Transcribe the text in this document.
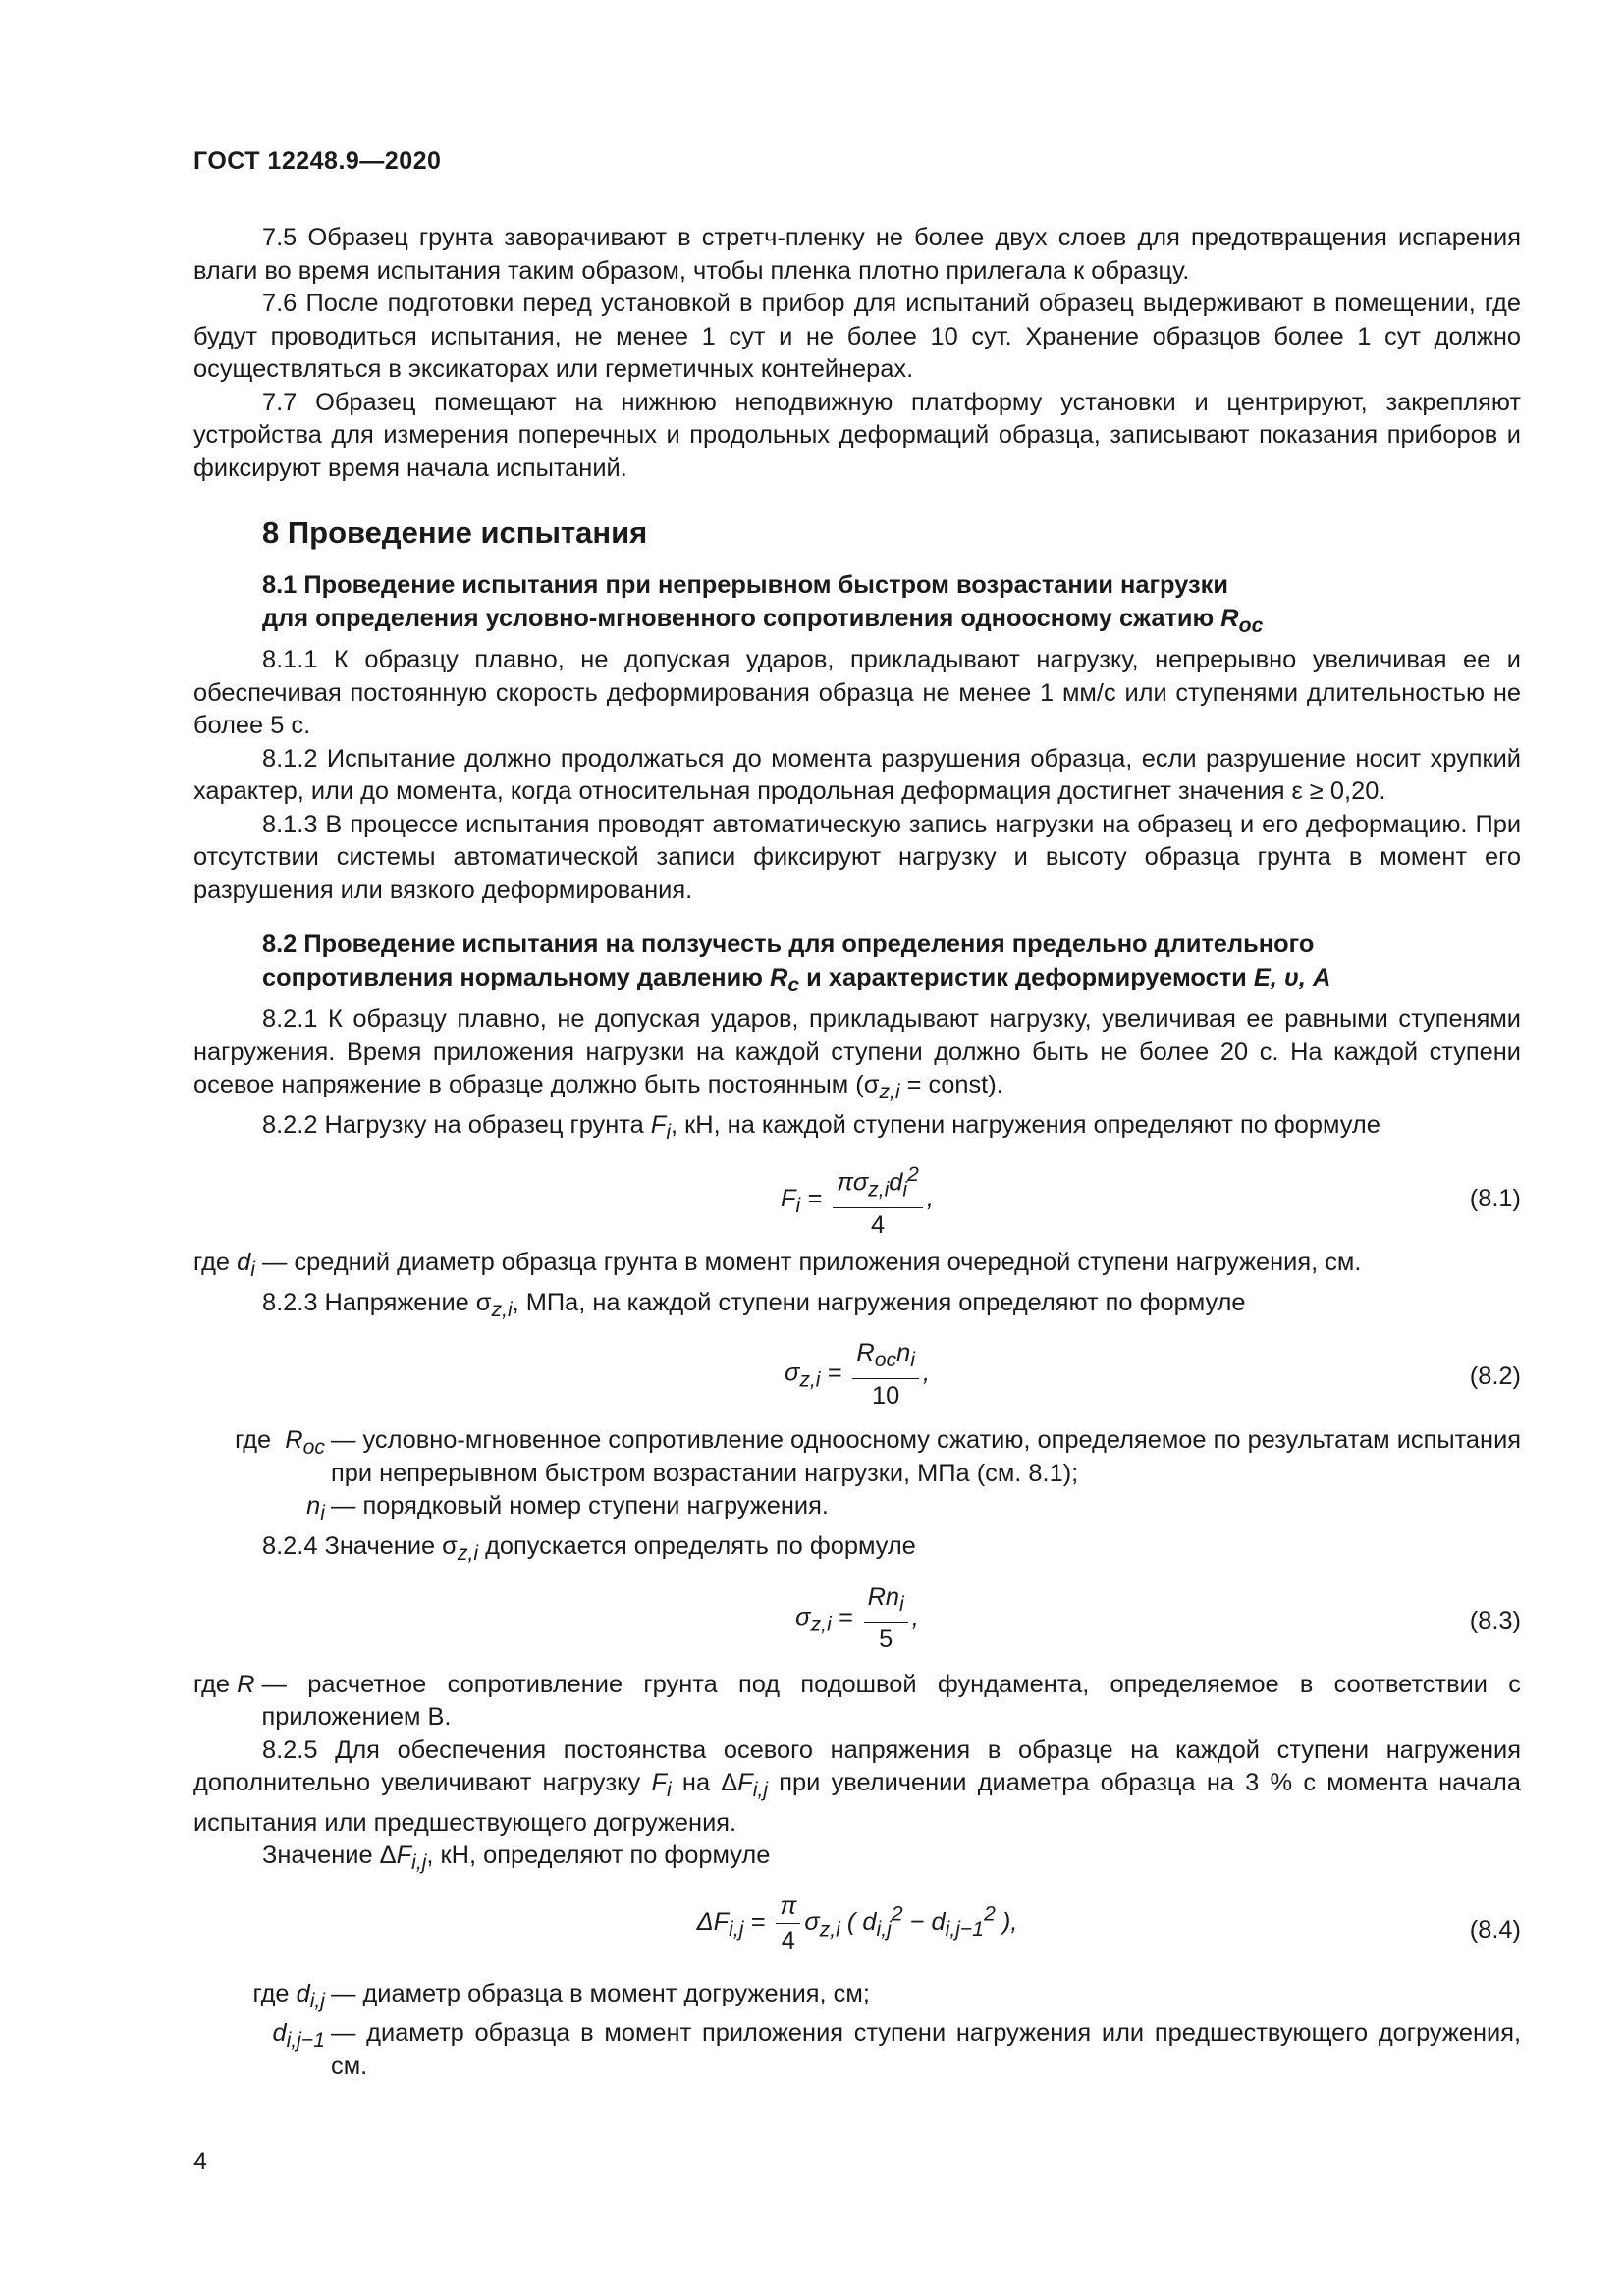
ГОСТ 12248.9—2020

7.5 Образец грунта заворачивают в стретч-пленку не более двух слоев для предотвращения испарения влаги во время испытания таким образом, чтобы пленка плотно прилегала к образцу.

7.6 После подготовки перед установкой в прибор для испытаний образец выдерживают в помещении, где будут проводиться испытания, не менее 1 сут и не более 10 сут. Хранение образцов более 1 сут должно осуществляться в эксикаторах или герметичных контейнерах.

7.7 Образец помещают на нижнюю неподвижную платформу установки и центрируют, закрепляют устройства для измерения поперечных и продольных деформаций образца, записывают показания приборов и фиксируют время начала испытаний.

8 Проведение испытания
8.1 Проведение испытания при непрерывном быстром возрастании нагрузки
для определения условно-мгновенного сопротивления одноосному сжатию $R_{oc}$

8.1.1 К образцу плавно, не допуская ударов, прикладывают нагрузку, непрерывно увеличивая ее и обеспечивая постоянную скорость деформирования образца не менее 1 мм/с или ступенями длительностью не более 5 с.

8.1.2 Испытание должно продолжаться до момента разрушения образца, если разрушение носит хрупкий характер, или до момента, когда относительная продольная деформация достигнет значения ε ≥ 0,20.

8.1.3 В процессе испытания проводят автоматическую запись нагрузки на образец и его деформацию. При отсутствии системы автоматической записи фиксируют нагрузку и высоту образца грунта в момент его разрушения или вязкого деформирования.

8.2 Проведение испытания на ползучесть для определения предельно длительного
сопротивления нормальному давлению $R_c$ и характеристик деформируемости E, υ, A

8.2.1 К образцу плавно, не допуская ударов, прикладывают нагрузку, увеличивая ее равными ступенями нагружения. Время приложения нагрузки на каждой ступени должно быть не более 20 с. На каждой ступени осевое напряжение в образце должно быть постоянным ($\sigma_{z,i}$ = const).

8.2.2 Нагрузку на образец грунта $F_i$, кН, на каждой ступени нагружения определяют по формуле

$F_i = \frac{\pi\sigma_{z,i}d_i^2}{4}$ ,	(8.1)

где $d_i$ — средний диаметр образца грунта в момент приложения очередной ступени нагружения, см.

8.2.3 Напряжение $\sigma_{z,i}$, МПа, на каждой ступени нагружения определяют по формуле

$\sigma_{z,i} = \frac{R_{oc}n_i}{10}$ ,	(8.2)
где $R_{oc}$ — условно-мгновенное сопротивление одноосному сжатию, определяемое по результатам испытания при непрерывном быстром возрастании нагрузки, МПа (см. 8.1);
$n_i$ — порядковый номер ступени нагружения.

8.2.4 Значение $\sigma_{z,i}$ допускается определять по формуле

$\sigma_{z,i} = \frac{Rn_i}{5}$ ,	(8.3)
где R — расчетное сопротивление грунта под подошвой фундамента, определяемое в соответствии с приложением В.

8.2.5 Для обеспечения постоянства осевого напряжения в образце на каждой ступени нагружения дополнительно увеличивают нагрузку $F_i$ на $\Delta F_{i,j}$ при увеличении диаметра образца на 3 % с момента начала испытания или предшествующего догружения.

Значение $\Delta F_{i,j}$, кН, определяют по формуле

$\Delta F_{i,j} = \frac{\pi}{4} \sigma_{z,i}$ ( $d_{i,j}^2 - d_{i,j-1}^2$ ),	(8.4)
где $d_{i,j}$ — диаметр образца в момент догружения, см;
$d_{i,j-1}$ — диаметр образца в момент приложения ступени нагружения или предшествующего догружения, см.
4
